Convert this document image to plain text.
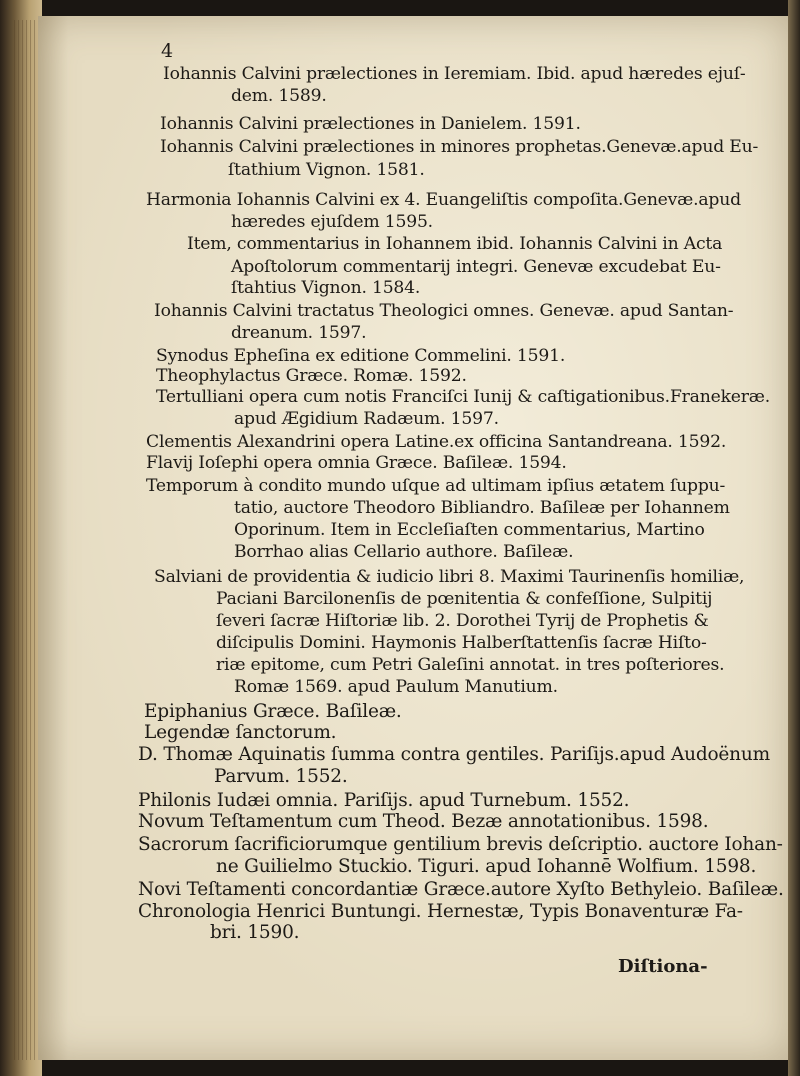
4
Iohannis Calvini prælectiones in Ieremiam. Ibid. apud hæredes ejuſ-
dem. 1589.
Iohannis Calvini prælectiones in Danielem. 1591.
Iohannis Calvini prælectiones in minores prophetas.Genevæ.apud Eu-
ſtathium Vignon. 1581.
Harmonia Iohannis Calvini ex 4. Euangeliſtis compoſita.Genevæ.apud
hæredes ejuſdem 1595.
Item, commentarius in Iohannem ibid. Iohannis Calvini in Acta
Apoſtolorum commentarij integri. Genevæ excudebat Eu-
ſtahtius Vignon. 1584.
Iohannis Calvini tractatus Theologici omnes. Genevæ. apud Santan-
dreanum. 1597.
Synodus Epheſina ex editione Commelini. 1591.
Theophylactus Græce. Romæ. 1592.
Tertulliani opera cum notis Franciſci Iunij & caſtigationibus.Franekeræ.
apud Ægidium Radæum. 1597.
Clementis Alexandrini opera Latine.ex officina Santandreana. 1592.
Flavij Ioſephi opera omnia Græce. Baſileæ. 1594.
Temporum à condito mundo uſque ad ultimam ipſius ætatem ſuppu-
tatio, auctore Theodoro Bibliandro. Baſileæ per Iohannem
Oporinum. Item in Eccleſiaſten commentarius, Martino
Borrhao alias Cellario authore. Baſileæ.
Salviani de providentia & iudicio libri 8. Maximi Taurinenſis homiliæ,
Paciani Barcilonenſis de pœnitentia & confeſſione, Sulpitij
ſeveri ſacræ Hiſtoriæ lib. 2. Dorothei Tyrij de Prophetis &
diſcipulis Domini. Haymonis Halberſtattenſis ſacræ Hiſto-
riæ epitome, cum Petri Galeſini annotat. in tres poſteriores.
Romæ 1569. apud Paulum Manutium.
Epiphanius Græce. Baſileæ.
Legendæ ſanctorum.
D. Thomæ Aquinatis ſumma contra gentiles. Pariſijs.apud Audoënum
Parvum. 1552.
Philonis Iudæi omnia. Pariſijs. apud Turnebum. 1552.
Novum Teſtamentum cum Theod. Bezæ annotationibus. 1598.
Sacrorum ſacrificiorumque gentilium brevis deſcriptio. auctore Iohan-
ne Guilielmo Stuckio. Tiguri. apud Iohannē Wolfium. 1598.
Novi Teſtamenti concordantiæ Græce.autore Xyſto Bethyleio. Baſileæ.
Chronologia Henrici Buntungi. Hernestæ, Typis Bonaventuræ Fa-
bri. 1590.
Diſtiona-
